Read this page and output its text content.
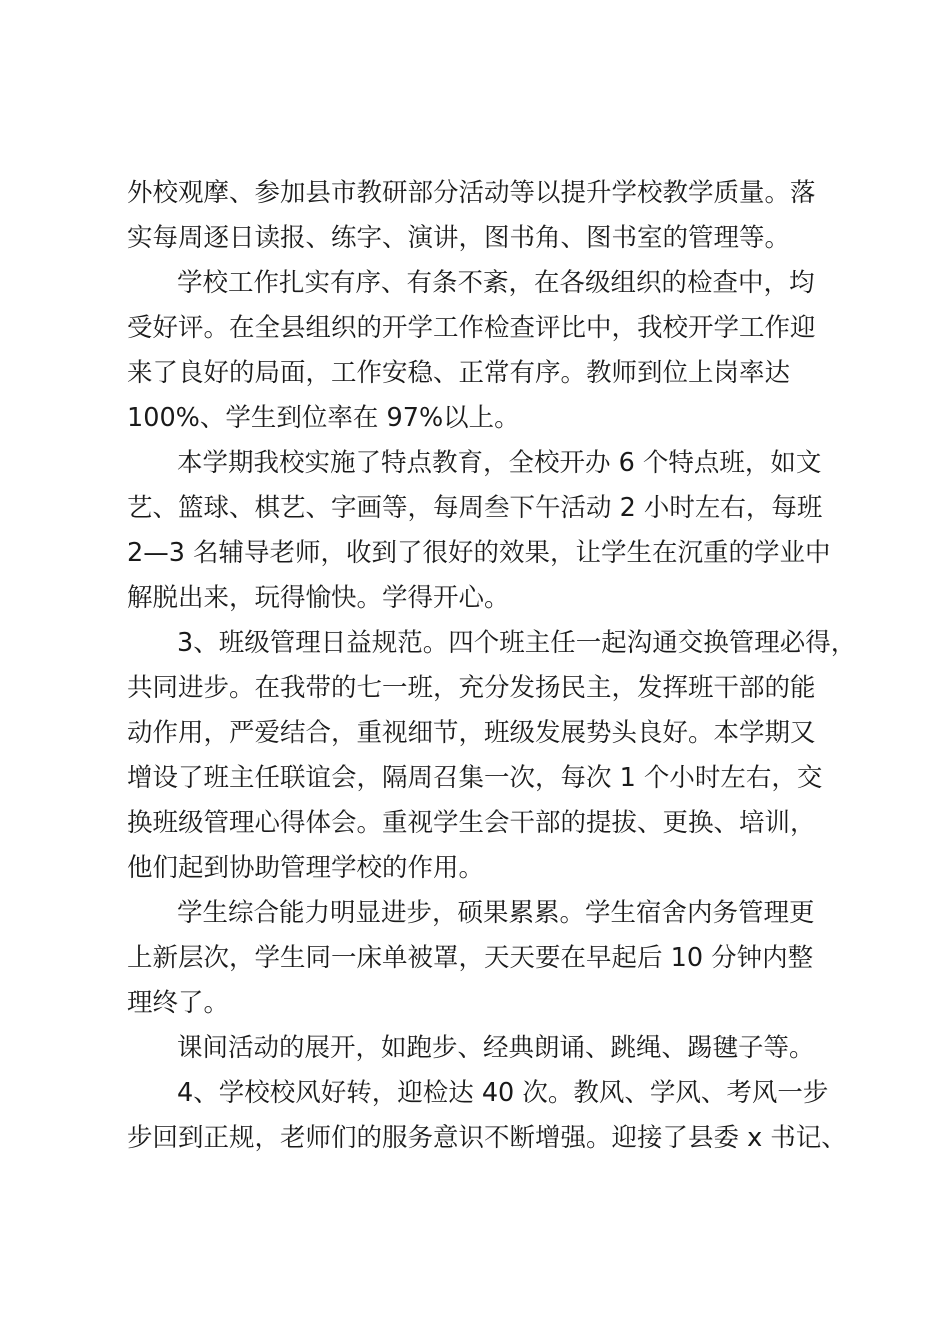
外校观摩、参加县市教研部分活动等以提升学校教学质量。落
实每周逐日读报、练字、演讲，图书角、图书室的管理等。
学校工作扎实有序、有条不紊，在各级组织的检查中，均
受好评。在全县组织的开学工作检查评比中，我校开学工作迎
来了良好的局面，工作安稳、正常有序。教师到位上岗率达
100%、学生到位率在 97%以上。
本学期我校实施了特点教育，全校开办 6 个特点班，如文
艺、篮球、棋艺、字画等，每周叁下午活动 2 小时左右，每班
2—3 名辅导老师，收到了很好的效果，让学生在沉重的学业中
解脱出来，玩得愉快。学得开心。
3、班级管理日益规范。四个班主任一起沟通交换管理必得，
共同进步。在我带的七一班，充分发扬民主，发挥班干部的能
动作用，严爱结合，重视细节，班级发展势头良好。本学期又
增设了班主任联谊会，隔周召集一次，每次 1 个小时左右，交
换班级管理心得体会。重视学生会干部的提拔、更换、培训，
他们起到协助管理学校的作用。
学生综合能力明显进步，硕果累累。学生宿舍内务管理更
上新层次，学生同一床单被罩，天天要在早起后 10 分钟内整
理终了。
课间活动的展开，如跑步、经典朗诵、跳绳、踢毽子等。
4、学校校风好转，迎检达 40 次。教风、学风、考风一步
步回到正规，老师们的服务意识不断增强。迎接了县委 x 书记、
